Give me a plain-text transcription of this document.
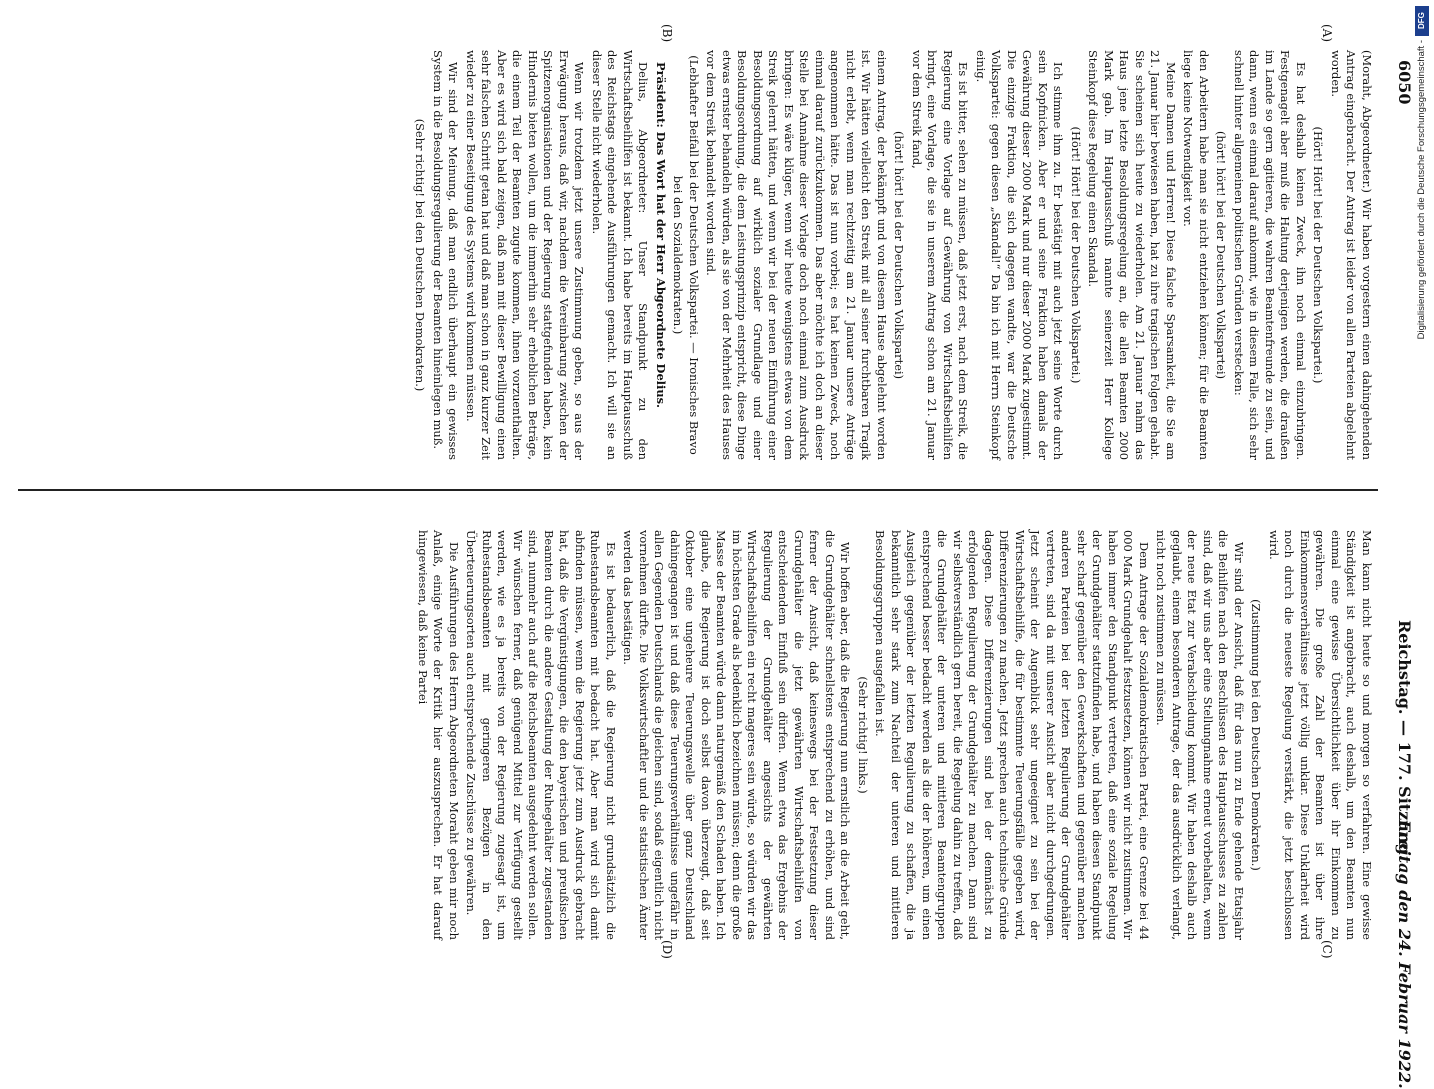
6050
Reichstag. — 177. Sitzung.
Freitag den 24. Februar 1922.
(A)
(B)
(C)
(D)

(Moraht, Abgeordneter.) Wir haben vorgestern einen dahingehenden Antrag eingebracht. Der Antrag ist leider von allen Parteien abgelehnt worden.

(Hört! Hört! bei der Deutschen Volkspartei.)

Es hat deshalb keinen Zweck, ihn noch einmal einzubringen. Festgenagelt aber muß die Haltung derjenigen werden, die draußen im Lande so gern agitieren, die wahren Beamtenfreunde zu sein, und dann, wenn es einmal darauf ankommt, wie in diesem Falle, sich sehr schnell hinter allgemeinen politischen Gründen verstecken:

(hört! hört! bei der Deutschen Volkspartei)

den Arbeitern habe man sie nicht entziehen können; für die Beamten liege keine Notwendigkeit vor.

Meine Damen und Herren! Diese falsche Sparsamkeit, die Sie am 21. Januar hier bewiesen haben, hat zu ihre tragischen Folgen gehabt. Sie scheinen sich heute zu wiederholen. Am 21. Januar nahm das Haus jene letzte Besoldungsregelung an, die allen Beamten 2000 Mark gab. Im Hauptausschuß nannte seinerzeit Herr Kollege Steinkopf diese Regelung einen Skandal.

(Hört! Hört! bei der Deutschen Volkspartei.)

Ich stimme ihm zu. Er bestätigt mit auch jetzt seine Worte durch sein Kopfnicken. Aber er und seine Fraktion haben damals der Gewährung dieser 2000 Mark und nur dieser 2000 Mark zugestimmt. Die einzige Fraktion, die sich dagegen wandte, war die Deutsche Volkspartei: gegen diesen „Skandal!“ Da bin ich mit Herrn Steinkopf einig.

Es ist bitter, sehen zu müssen, daß jetzt erst, nach dem Streik, die Regierung eine Vorlage auf Gewährung von Wirtschaftsbeihilfen bringt, eine Vorlage, die sie in unserem Antrag schon am 21. Januar vor dem Streik fand,

(hört! hört! bei der Deutschen Volkspartei)

einem Antrag, der bekämpft und von diesem Hause abgelehnt worden ist. Wir hätten vielleicht den Streik mit all seiner furchtbaren Tragik nicht erlebt, wenn man rechtzeitig am 21. Januar unsere Anträge angenommen hätte. Das ist nun vorbei; es hat keinen Zweck, noch einmal darauf zurückzukommen. Das aber möchte ich doch an dieser Stelle bei Annahme dieser Vorlage doch noch einmal zum Ausdruck bringen: Es wäre klüger, wenn wir heute wenigstens etwas von dem Streik gelernt hätten, und wenn wir bei der neuen Einführung einer Besoldungsordnung auf wirklich sozialer Grundlage und einer Besoldungsordnung, die dem Leistungsprinzip entspricht, diese Dinge etwas ernster behandeln würden, als sie von der Mehrheit des Hauses vor dem Streik behandelt worden sind.

(Lebhafter Beifall bei der Deutschen Volkspartei. — Ironisches Bravo bei den Sozialdemokraten.)

Präsident: Das Wort hat der Herr Abgeordnete Delius.

Delius, Abgeordneter: Unser Standpunkt zu den Wirtschaftsbeihilfen ist bekannt. Ich habe bereits im Hauptausschuß des Reichstags eingehende Ausführungen gemacht. Ich will sie an dieser Stelle nicht wiederholen.

Wenn wir trotzdem jetzt unsere Zustimmung geben, so aus der Erwägung heraus, daß wir, nachdem die Vereinbarung zwischen der Spitzenorganisationen und der Regierung stattgefunden haben, kein Hindernis bieten wollen, um die immerhin sehr erheblichen Beträge, die einem Teil der Beamten zugute kommen, ihnen vorzuenthalten. Aber es wird sich bald zeigen, daß man mit dieser Bewilligung einen sehr falschen Schritt getan hat und daß man schon in ganz kurzer Zeit wieder zu einer Beseitigung des Systems wird kommen müssen.

Wir sind der Meinung, daß man endlich überhaupt ein gewisses System in die Besoldungsregulierung der Beamten hineinlegen muß.

(Sehr richtig! bei den Deutschen Demokraten.)

Man kann nicht heute so und morgen so verfahren. Eine gewisse Ständigkeit ist angebracht, auch deshalb, um den Beamten nun einmal eine gewisse Übersichtlichkeit über ihr Einkommen zu gewähren. Die große Zahl der Beamten ist über ihre Einkommensverhältnisse jetzt völlig unklar. Diese Unklarheit wird noch durch die neueste Regelung verstärkt, die jetzt beschlossen wird.

(Zustimmung bei den Deutschen Demokraten.)

Wir sind der Ansicht, daß für das nun zu Ende gehende Etatsjahr die Beihilfen nach den Beschlüssen des Hauptausschusses zu zahlen sind, daß wir uns aber eine Stellungnahme erneut vorbehalten, wenn der neue Etat zur Verabschiedung kommt. Wir haben deshalb auch geglaubt, einem besonderen Antrage, der das ausdrücklich verlangt, nicht noch zustimmen zu müssen.

Dem Antrage der Sozialdemokratischen Partei, eine Grenze bei 44 000 Mark Grundgehalt festzusetzen, können wir nicht zustimmen. Wir haben immer den Standpunkt vertreten, daß eine soziale Regelung der Grundgehälter stattzufinden habe, und haben diesen Standpunkt sehr scharf gegenüber den Gewerkschaften und gegenüber manchen anderen Parteien bei der letzten Regulierung der Grundgehälter vertreten, sind da mit unserer Ansicht aber nicht durchgedrungen. Jetzt scheint der Augenblick sehr ungeeignet zu sein bei der Wirtschaftsbeihilfe, die für bestimmte Teuerungsfälle gegeben wird, Differenzierungen zu machen. Jetzt sprechen auch technische Gründe dagegen. Diese Differenzierungen sind bei der demnächst zu erfolgenden Regulierung der Grundgehälter zu machen. Dann sind wir selbstverständlich gern bereit, die Regelung dahin zu treffen, daß die Grundgehälter der unteren und mittleren Beamtengruppen entsprechend besser bedacht werden als die der höheren, um einen Ausgleich gegenüber der letzten Regulierung zu schaffen, die ja bekanntlich sehr stark zum Nachteil der unteren und mittleren Besoldungsgruppen ausgefallen ist.

(Sehr richtig! links.)

Wir hoffen aber, daß die Regierung nun ernstlich an die Arbeit geht, die Grundgehälter schnellstens entsprechend zu erhöhen, und sind ferner der Ansicht, daß keineswegs bei der Festsetzung dieser Grundgehälter die jetzt gewährten Wirtschaftsbeihilfen von entscheidendem Einfluß sein dürfen. Wenn etwa das Ergebnis der Regulierung der Grundgehälter angesichts der gewährten Wirtschaftsbeihilfen ein recht mageres sein würde, so würden wir das im höchsten Grade als bedenklich bezeichnen müssen; denn die große Masse der Beamten würde dann naturgemäß den Schaden haben. Ich glaube, die Regierung ist doch selbst davon überzeugt, daß seit Oktober eine ungeheure Teuerungswelle über ganz Deutschland dahingegangen ist und daß diese Teuerungsverhältnisse ungefähr in allen Gegenden Deutschlands die gleichen sind, sodaß eigentlich nicht vornehmen dürfte. Die Volkswirtschaftler und die statistischen Ämter werden das bestätigen.

Es ist bedauerlich, daß die Regierung nicht grundsätzlich die Ruhestandsbeamten mit bedacht hat. Aber man wird sich damit abfinden müssen, wenn die Regierung jetzt zum Ausdruck gebracht hat, daß die Vergünstigungen, die den bayerischen und preußischen Beamten durch die andere Gestaltung der Ruhegehälter zugestanden sind, nunmehr auch auf die Reichsbeamten ausgedehnt werden sollen. Wir wünschen ferner, daß genügend Mittel zur Verfügung gestellt werden, wie es ja bereits von der Regierung zugesagt ist, um Ruhestandsbeamten mit geringeren Bezügen in den Überteuerungsorten auch entsprechende Zuschüsse zu gewähren.

Die Ausführungen des Herrn Abgeordneten Moraht geben mir noch Anlaß, einige Worte der Kritik hier auszusprechen. Er hat darauf hingewiesen, daß keine Partei

DFG
Digitalisierung gefördert durch die Deutsche Forschungsgemeinschaft -
